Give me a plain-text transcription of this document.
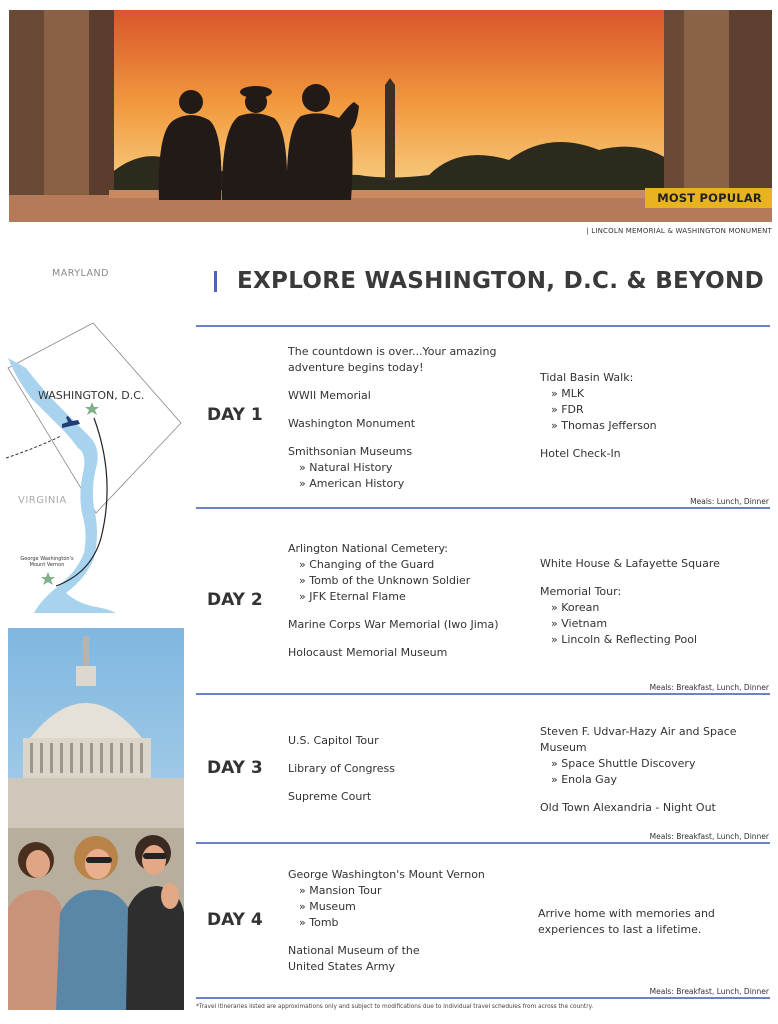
MOST POPULAR
| LINCOLN MEMORIAL & WASHINGTON MONUMENT
EXPLORE WASHINGTON, D.C. & BEYOND
MARYLAND
WASHINGTON, D.C.
VIRGINIA
George Washington's Mount Vernon
DAY 1

The countdown is over...Your amazing adventure begins today!

WWII Memorial

Washington Monument

Smithsonian Museums

» Natural History

» American History

Tidal Basin Walk:

» MLK

» FDR

» Thomas Jefferson

Hotel Check-In

Meals: Lunch, Dinner
DAY 2

Arlington National Cemetery:

» Changing of the Guard

» Tomb of the Unknown Soldier

» JFK Eternal Flame

Marine Corps War Memorial (Iwo Jima)

Holocaust Memorial Museum

White House & Lafayette Square

Memorial Tour:

» Korean

» Vietnam

» Lincoln & Reflecting Pool

Meals: Breakfast, Lunch, Dinner
DAY 3

U.S. Capitol Tour

Library of Congress

Supreme Court

Steven F. Udvar-Hazy Air and Space Museum

» Space Shuttle Discovery

» Enola Gay

Old Town Alexandria - Night Out

Meals: Breakfast, Lunch, Dinner
DAY 4

George Washington's Mount Vernon

» Mansion Tour

» Museum

» Tomb

National Museum of the United States Army

Arrive home with memories and experiences to last a lifetime.

Meals: Breakfast, Lunch, Dinner
*Travel itineraries listed are approximations only and subject to modifications due to individual travel schedules from across the country.
